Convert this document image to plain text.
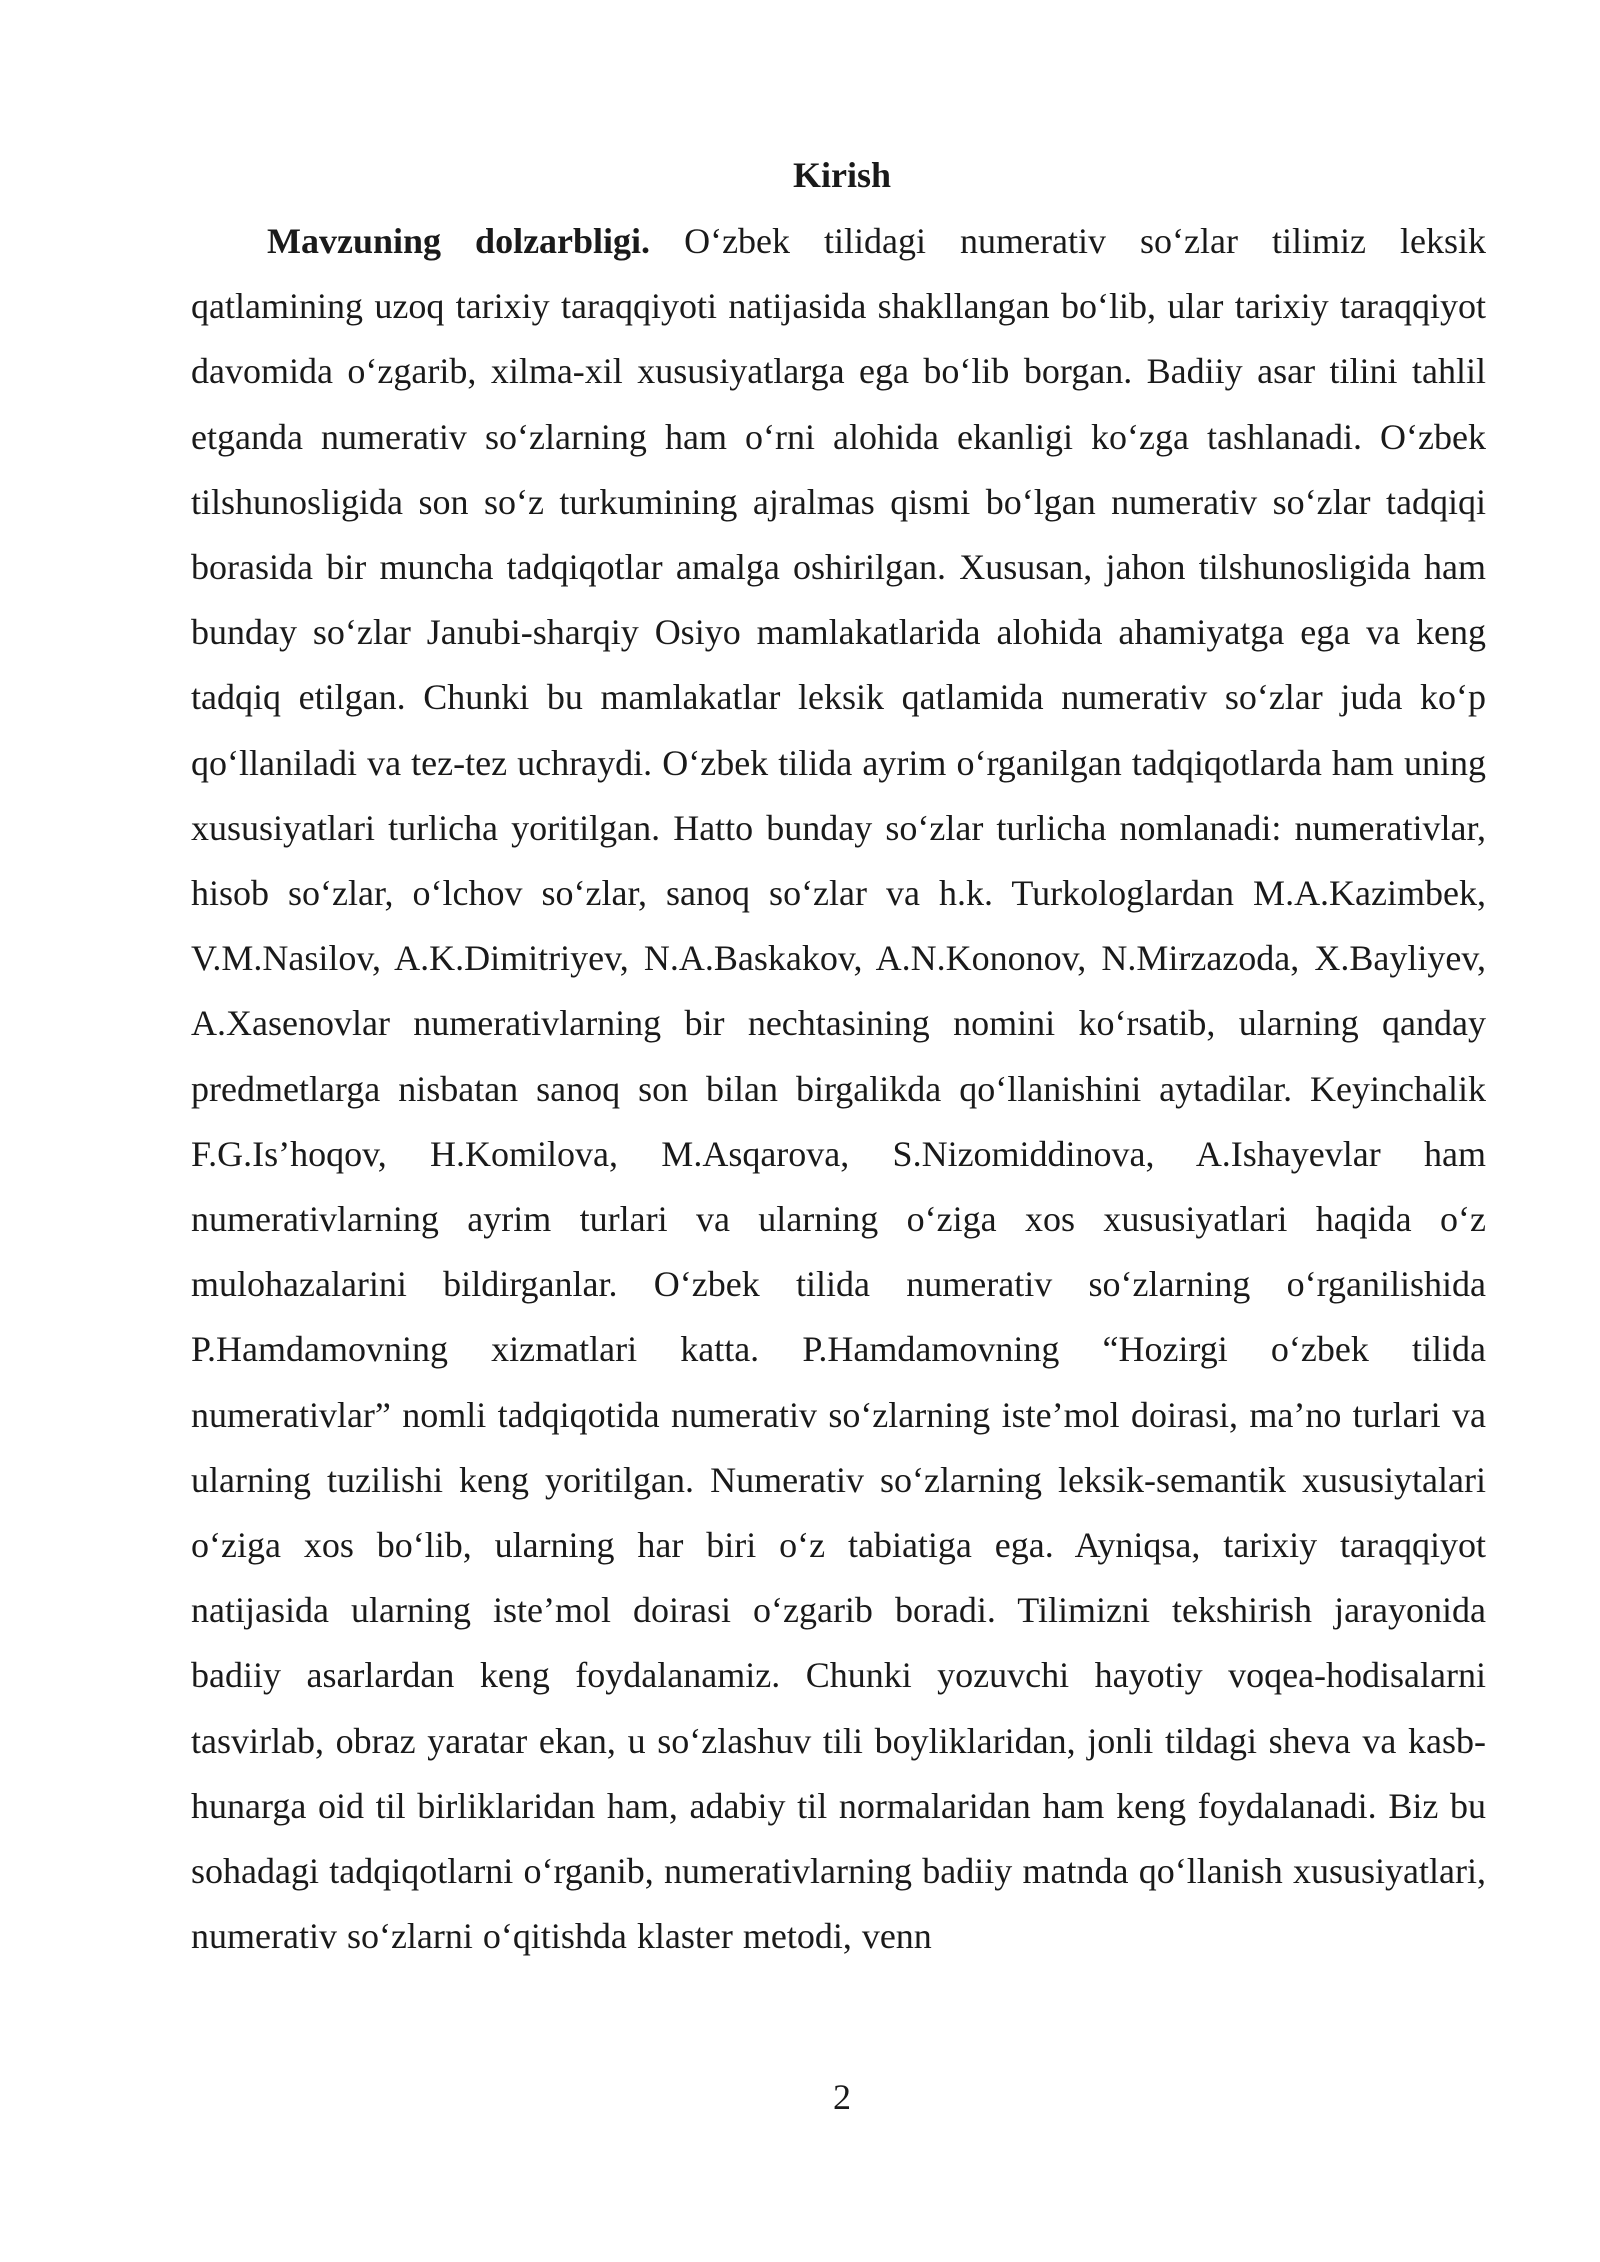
Kirish

Mavzuning dolzarbligi. O‘zbek tilidagi numerativ so‘zlar tilimiz leksik qatlamining uzoq tarixiy taraqqiyoti natijasida shakllangan bo‘lib, ular tarixiy taraqqiyot davomida o‘zgarib, xilma-xil xususiyatlarga ega bo‘lib borgan. Badiiy asar tilini tahlil etganda numerativ so‘zlarning ham o‘rni alohida ekanligi ko‘zga tashlanadi. O‘zbek tilshunosligida son so‘z turkumining ajralmas qismi bo‘lgan numerativ so‘zlar tadqiqi borasida bir muncha tadqiqotlar amalga oshirilgan. Xususan, jahon tilshunosligida ham bunday so‘zlar Janubi-sharqiy Osiyo mamlakatlarida alohida ahamiyatga ega va keng tadqiq etilgan. Chunki bu mamlakatlar leksik qatlamida numerativ so‘zlar juda ko‘p qo‘llaniladi va tez-tez uchraydi. O‘zbek tilida ayrim o‘rganilgan tadqiqotlarda ham uning xususiyatlari turlicha yoritilgan. Hatto bunday so‘zlar turlicha nomlanadi: numerativlar, hisob so‘zlar, o‘lchov so‘zlar, sanoq so‘zlar va h.k. Turkologlardan M.A.Kazimbek, V.M.Nasilov, A.K.Dimitriyev, N.A.Baskakov, A.N.Kononov, N.Mirzazoda, X.Bayliyev, A.Xasenovlar numerativlarning bir nechtasining nomini ko‘rsatib, ularning qanday predmetlarga nisbatan sanoq son bilan birgalikda qo‘llanishini aytadilar. Keyinchalik F.G.Is’hoqov, H.Komilova, M.Asqarova, S.Nizomiddinova, A.Ishayevlar ham numerativlarning ayrim turlari va ularning o‘ziga xos xususiyatlari haqida o‘z mulohazalarini bildirganlar. O‘zbek tilida numerativ so‘zlarning o‘rganilishida P.Hamdamovning xizmatlari katta. P.Hamdamovning “Hozirgi o‘zbek tilida numerativlar” nomli tadqiqotida numerativ so‘zlarning iste’mol doirasi, ma’no turlari va ularning tuzilishi keng yoritilgan. Numerativ so‘zlarning leksik-semantik xususiytalari o‘ziga xos bo‘lib, ularning har biri o‘z tabiatiga ega. Ayniqsa, tarixiy taraqqiyot natijasida ularning iste’mol doirasi o‘zgarib boradi. Tilimizni tekshirish jarayonida badiiy asarlardan keng foydalanamiz. Chunki yozuvchi hayotiy voqea-hodisalarni tasvirlab, obraz yaratar ekan, u so‘zlashuv tili boyliklaridan, jonli tildagi sheva va kasb-hunarga oid til birliklaridan ham, adabiy til normalaridan ham keng foydalanadi. Biz bu sohadagi tadqiqotlarni o‘rganib, numerativlarning badiiy matnda qo‘llanish xususiyatlari, numerativ so‘zlarni o‘qitishda klaster metodi, venn

2
